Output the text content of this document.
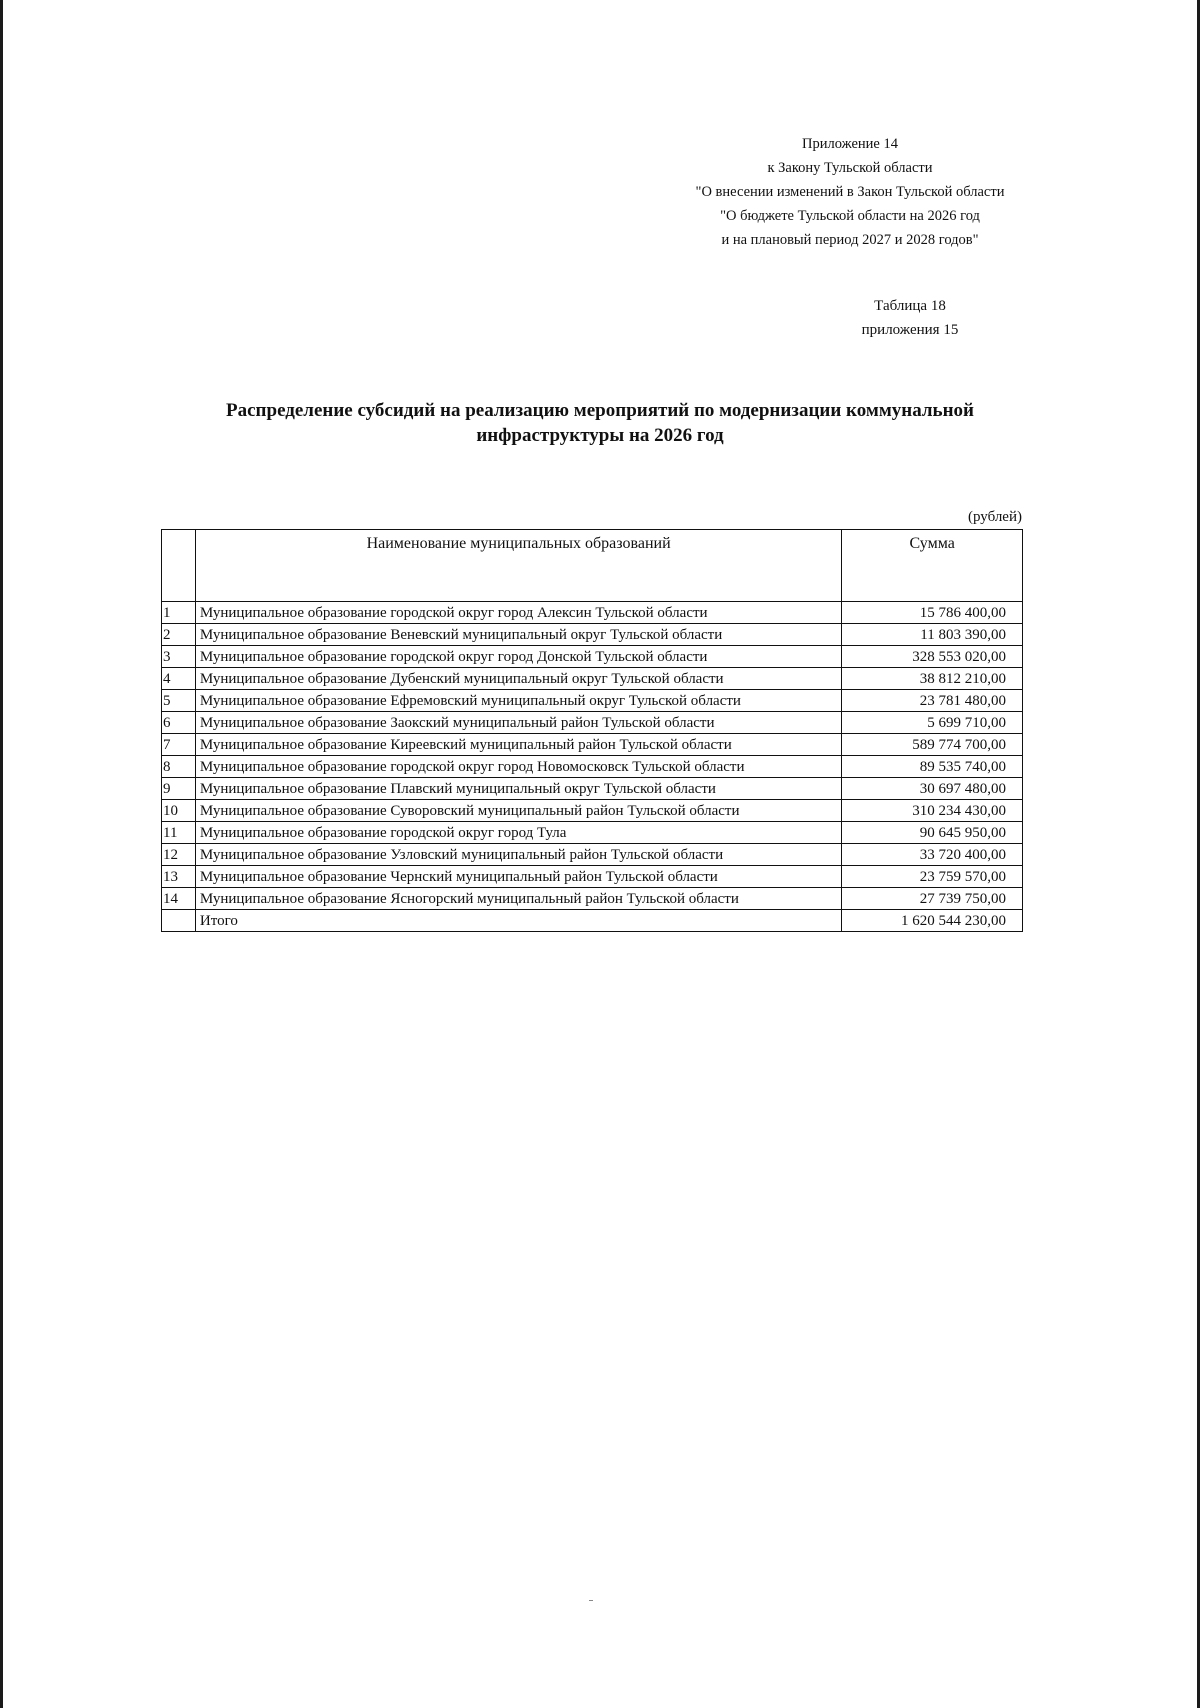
Приложение 14
к Закону Тульской области
"О внесении изменений в Закон Тульской области
"О бюджете Тульской области на 2026 год
и на плановый период 2027 и 2028 годов"
Таблица 18
приложения 15
Распределение субсидий на реализацию мероприятий по модернизации коммунальной
инфраструктуры на 2026 год
(рублей)
	Наименование муниципальных образований	Сумма
1	Муниципальное образование городской округ город Алексин Тульской области	15 786 400,00
2	Муниципальное образование Веневский муниципальный округ Тульской области	11 803 390,00
3	Муниципальное образование городской округ город Донской Тульской области	328 553 020,00
4	Муниципальное образование Дубенский муниципальный округ Тульской области	38 812 210,00
5	Муниципальное образование Ефремовский муниципальный округ Тульской области	23 781 480,00
6	Муниципальное образование Заокский муниципальный район Тульской области	5 699 710,00
7	Муниципальное образование Киреевский муниципальный район Тульской области	589 774 700,00
8	Муниципальное образование городской округ город Новомосковск Тульской области	89 535 740,00
9	Муниципальное образование Плавский муниципальный округ Тульской области	30 697 480,00
10	Муниципальное образование Суворовский муниципальный район Тульской области	310 234 430,00
11	Муниципальное образование городской округ город Тула	90 645 950,00
12	Муниципальное образование Узловский муниципальный район Тульской области	33 720 400,00
13	Муниципальное образование Чернский муниципальный район Тульской области	23 759 570,00
14	Муниципальное образование Ясногорский муниципальный район Тульской области	27 739 750,00
	Итого	1 620 544 230,00
